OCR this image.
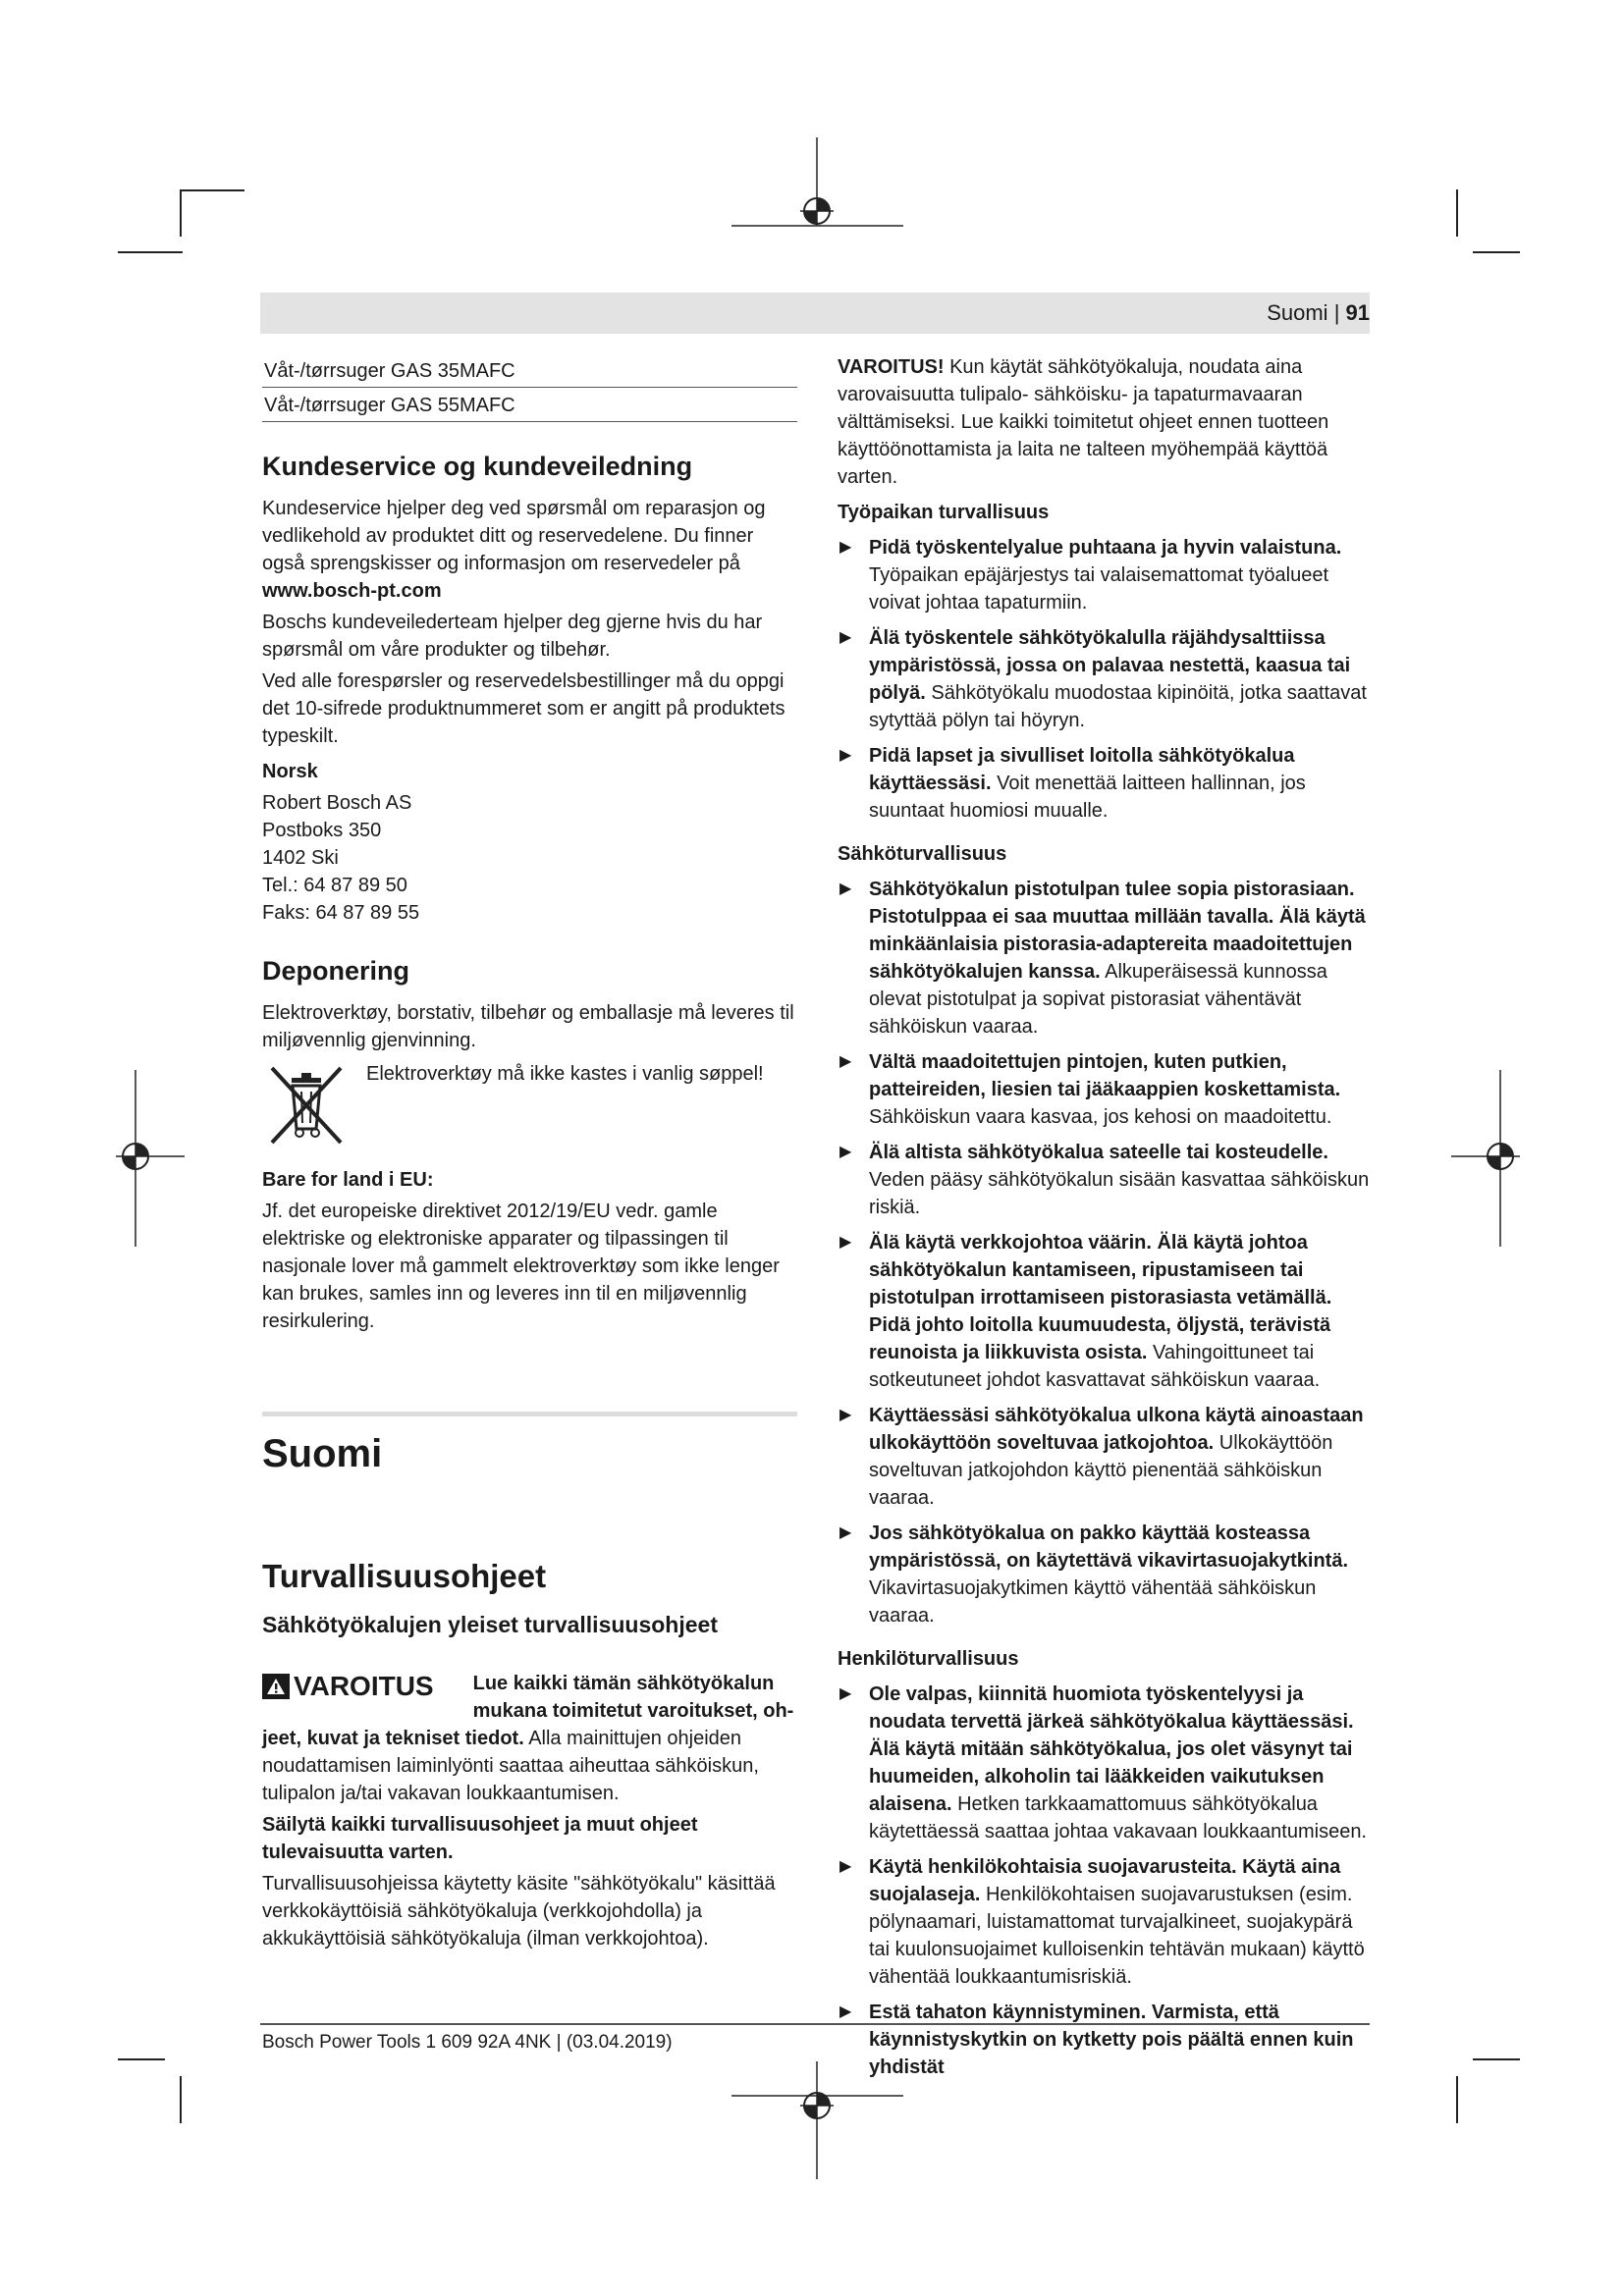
Suomi | 91
Våt-/tørrsuger GAS 35MAFC
Våt-/tørrsuger GAS 55MAFC
Kundeservice og kundeveiledning

Kundeservice hjelper deg ved spørsmål om reparasjon og vedlikehold av produktet ditt og reservedelene. Du finner også sprengskisser og informasjon om reservedeler på

www.bosch-pt.com

Boschs kundeveilederteam hjelper deg gjerne hvis du har spørsmål om våre produkter og tilbehør.

Ved alle forespørsler og reservedelsbestillinger må du oppgi det 10-sifrede produktnummeret som er angitt på produktets typeskilt.

Norsk

Robert Bosch AS
Postboks 350
1402 Ski
Tel.: 64 87 89 50
Faks: 64 87 89 55
Deponering

Elektroverktøy, borstativ, tilbehør og emballasje må leveres til miljøvennlig gjenvinning.

Elektroverktøy må ikke kastes i vanlig søppel!

Bare for land i EU:

Jf. det europeiske direktivet 2012/19/EU vedr. gamle elektriske og elektroniske apparater og tilpassingen til nasjonale lover må gammelt elektroverktøy som ikke lenger kan brukes, samles inn og leveres inn til en miljøvennlig resirkulering.

Suomi
Turvallisuusohjeet
Sähkötyökalujen yleiset turvallisuusohjeet
VAROITUS Lue kaikki tämän sähkötyökalun mukana toimitetut varoitukset, oh-

jeet, kuvat ja tekniset tiedot. Alla mainittujen ohjeiden noudattamisen laiminlyönti saattaa aiheuttaa sähköiskun, tulipalon ja/tai vakavan loukkaantumisen.

Säilytä kaikki turvallisuusohjeet ja muut ohjeet tulevaisuutta varten.

Turvallisuusohjeissa käytetty käsite "sähkötyökalu" käsittää verkkokäyttöisiä sähkötyökaluja (verkkojohdolla) ja akkukäyttöisiä sähkötyökaluja (ilman verkkojohtoa).

VAROITUS! Kun käytät sähkötyökaluja, noudata aina varovaisuutta tulipalo- sähköisku- ja tapaturmavaaran välttämiseksi. Lue kaikki toimitetut ohjeet ennen tuotteen käyttöönottamista ja laita ne talteen myöhempää käyttöä varten.

Työpaikan turvallisuus

▶ Pidä työskentelyalue puhtaana ja hyvin valaistuna. Työpaikan epäjärjestys tai valaisemattomat työalueet voivat johtaa tapaturmiin.
▶ Älä työskentele sähkötyökalulla räjähdysalttiissa ympäristössä, jossa on palavaa nestettä, kaasua tai pölyä. Sähkötyökalu muodostaa kipinöitä, jotka saattavat sytyttää pölyn tai höyryn.
▶ Pidä lapset ja sivulliset loitolla sähkötyökalua käyttäessäsi. Voit menettää laitteen hallinnan, jos suuntaat huomiosi muualle.

Sähköturvallisuus

▶ Sähkötyökalun pistotulpan tulee sopia pistorasiaan. Pistotulppaa ei saa muuttaa millään tavalla. Älä käytä minkäänlaisia pistorasia-adaptereita maadoitettujen sähkötyökalujen kanssa. Alkuperäisessä kunnossa olevat pistotulpat ja sopivat pistorasiat vähentävät sähköiskun vaaraa.
▶ Vältä maadoitettujen pintojen, kuten putkien, patteireiden, liesien tai jääkaappien koskettamista. Sähköiskun vaara kasvaa, jos kehosi on maadoitettu.
▶ Älä altista sähkötyökalua sateelle tai kosteudelle. Veden pääsy sähkötyökalun sisään kasvattaa sähköiskun riskiä.
▶ Älä käytä verkkojohtoa väärin. Älä käytä johtoa sähkötyökalun kantamiseen, ripustamiseen tai pistotulpan irrottamiseen pistorasiasta vetämällä. Pidä johto loitolla kuumuudesta, öljystä, terävistä reunoista ja liikkuvista osista. Vahingoittuneet tai sotkeutuneet johdot kasvattavat sähköiskun vaaraa.
▶ Käyttäessäsi sähkötyökalua ulkona käytä ainoastaan ulkokäyttöön soveltuvaa jatkojohtoa. Ulkokäyttöön soveltuvan jatkojohdon käyttö pienentää sähköiskun vaaraa.
▶ Jos sähkötyökalua on pakko käyttää kosteassa ympäristössä, on käytettävä vikavirtasuojakytkintä. Vikavirtasuojakytkimen käyttö vähentää sähköiskun vaaraa.

Henkilöturvallisuus

▶ Ole valpas, kiinnitä huomiota työskentelyysi ja noudata tervettä järkeä sähkötyökalua käyttäessäsi. Älä käytä mitään sähkötyökalua, jos olet väsynyt tai huumeiden, alkoholin tai lääkkeiden vaikutuksen alaisena. Hetken tarkkaamattomuus sähkötyökalua käytettäessä saattaa johtaa vakavaan loukkaantumiseen.
▶ Käytä henkilökohtaisia suojavarusteita. Käytä aina suojalaseja. Henkilökohtaisen suojavarustuksen (esim. pölynaamari, luistamattomat turvajalkineet, suojakypärä tai kuulonsuojaimet kulloisenkin tehtävän mukaan) käyttö vähentää loukkaantumisriskiä.
▶ Estä tahaton käynnistyminen. Varmista, että käynnistyskytkin on kytketty pois päältä ennen kuin yhdistät
Bosch Power Tools 1 609 92A 4NK | (03.04.2019)
